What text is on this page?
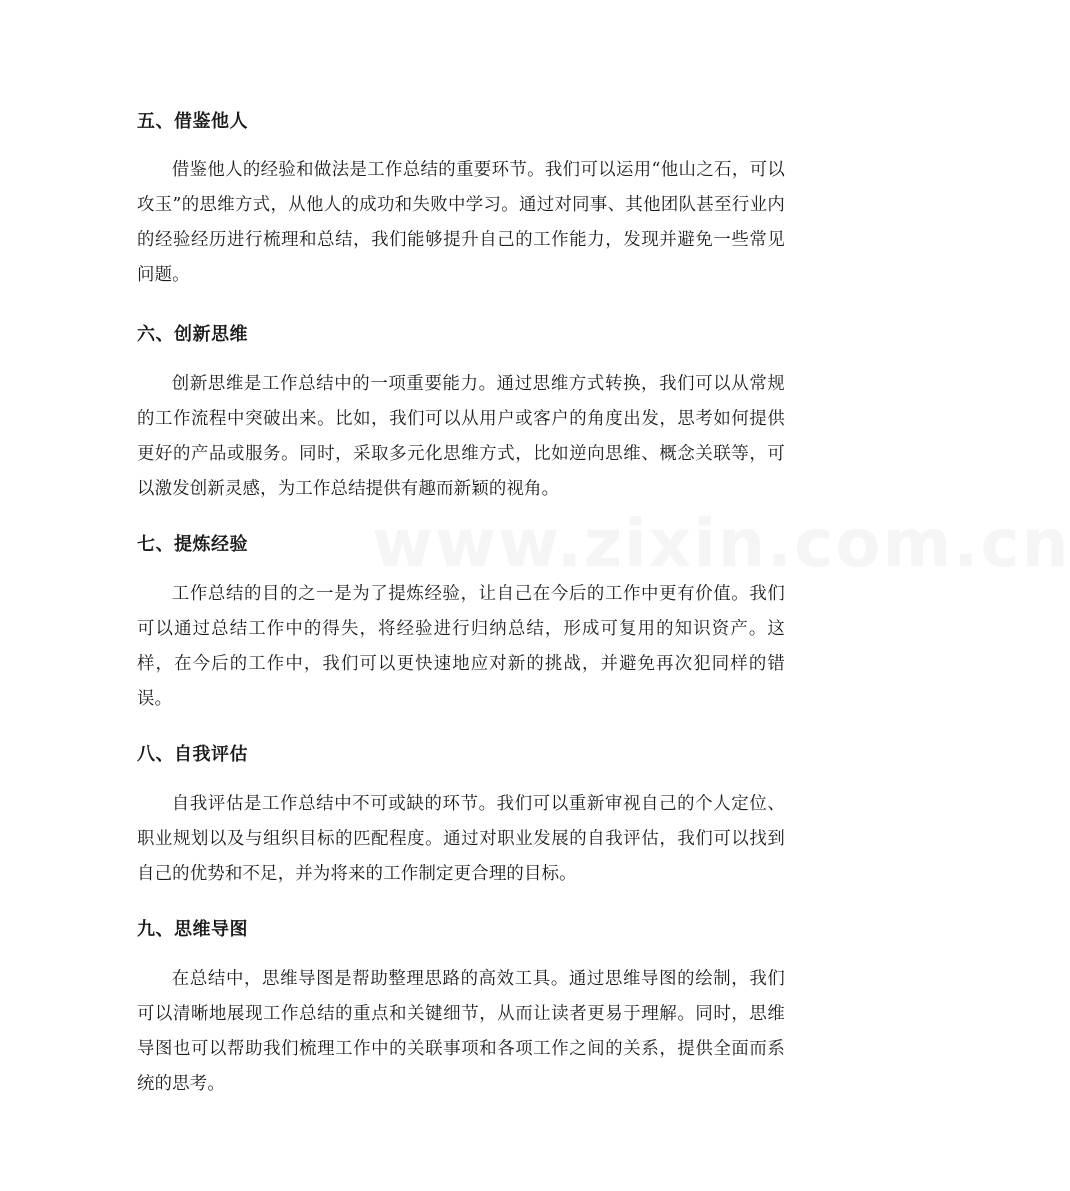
www.zixin.com.cn
五、借鉴他人

借鉴他人的经验和做法是工作总结的重要环节。我们可以运用“他山之石，可以攻玉”的思维方式，从他人的成功和失败中学习。通过对同事、其他团队甚至行业内的经验经历进行梳理和总结，我们能够提升自己的工作能力，发现并避免一些常见问题。

六、创新思维

创新思维是工作总结中的一项重要能力。通过思维方式转换，我们可以从常规的工作流程中突破出来。比如，我们可以从用户或客户的角度出发，思考如何提供更好的产品或服务。同时，采取多元化思维方式，比如逆向思维、概念关联等，可以激发创新灵感，为工作总结提供有趣而新颖的视角。

七、提炼经验

工作总结的目的之一是为了提炼经验，让自己在今后的工作中更有价值。我们可以通过总结工作中的得失，将经验进行归纳总结，形成可复用的知识资产。这样，在今后的工作中，我们可以更快速地应对新的挑战，并避免再次犯同样的错误。

八、自我评估

自我评估是工作总结中不可或缺的环节。我们可以重新审视自己的个人定位、职业规划以及与组织目标的匹配程度。通过对职业发展的自我评估，我们可以找到自己的优势和不足，并为将来的工作制定更合理的目标。

九、思维导图

在总结中，思维导图是帮助整理思路的高效工具。通过思维导图的绘制，我们可以清晰地展现工作总结的重点和关键细节，从而让读者更易于理解。同时，思维导图也可以帮助我们梳理工作中的关联事项和各项工作之间的关系，提供全面而系统的思考。
